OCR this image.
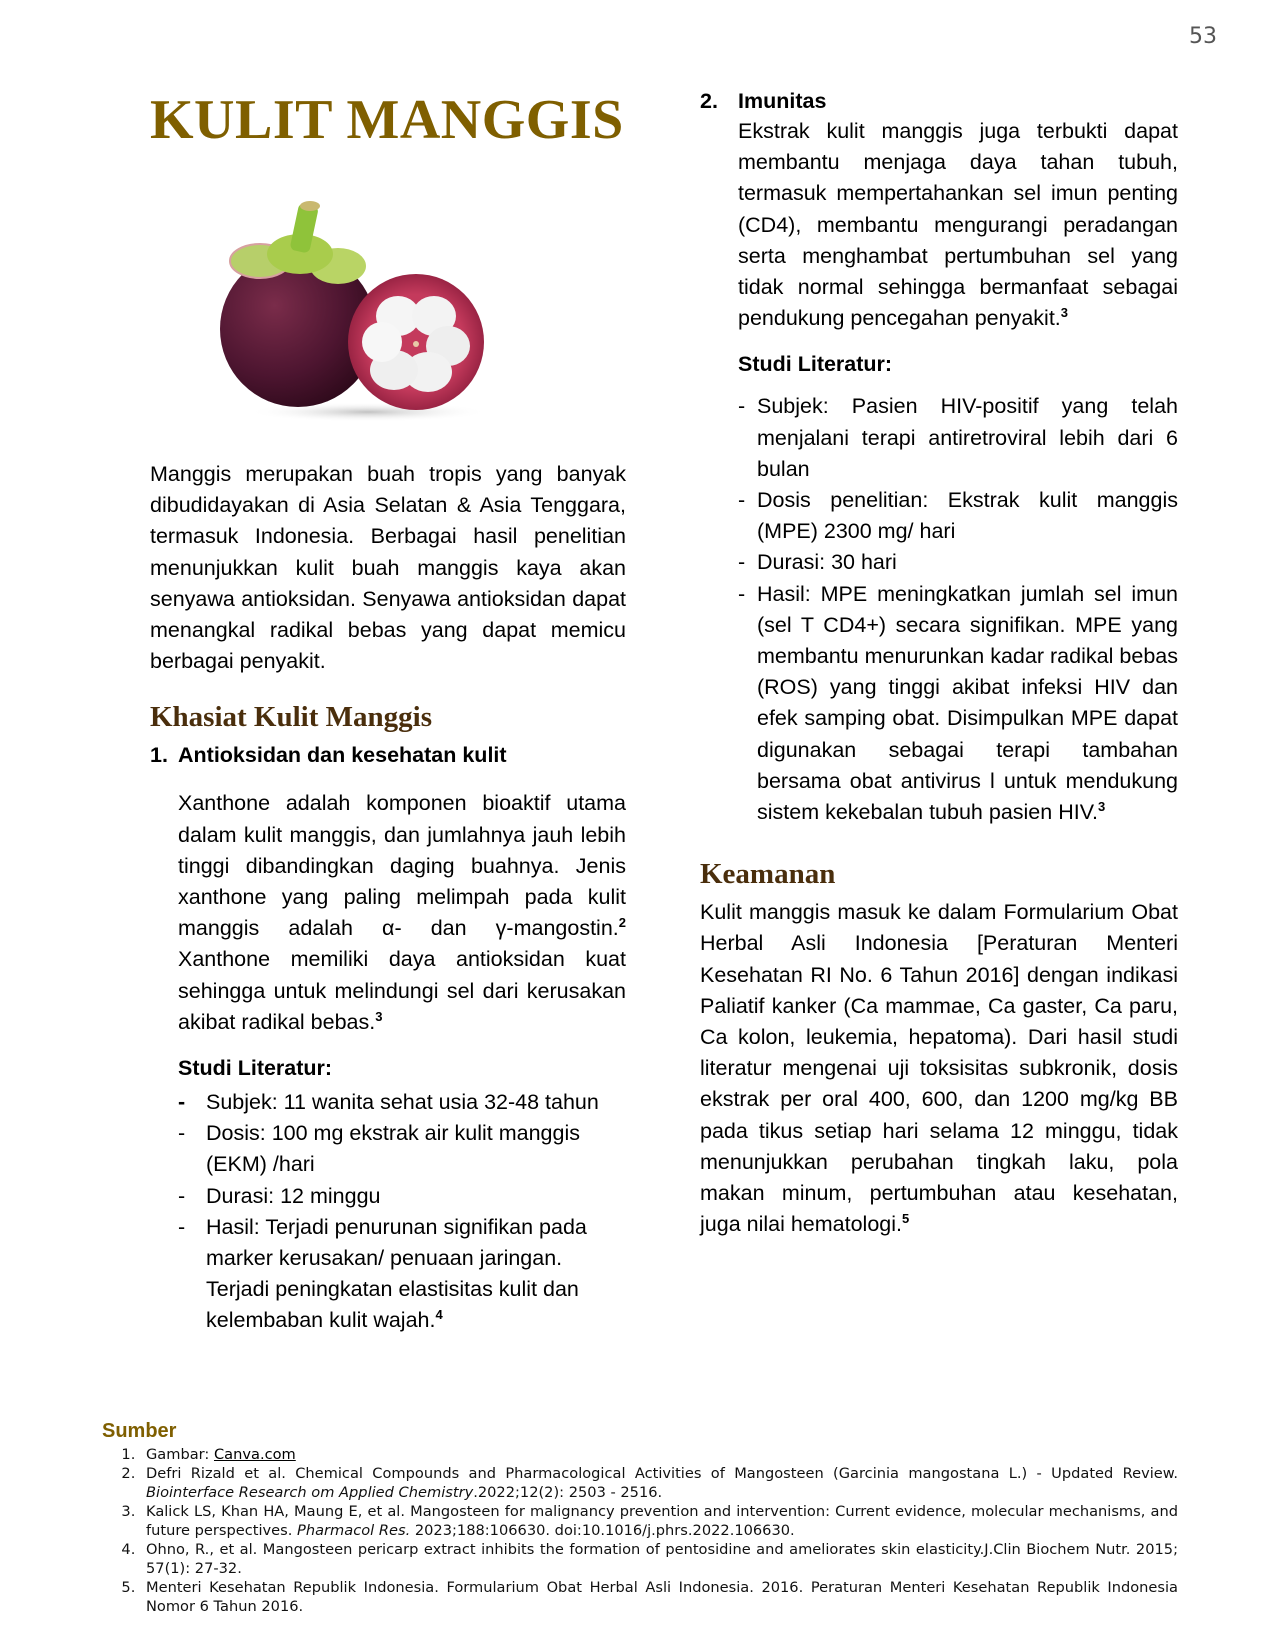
53
KULIT MANGGIS

Manggis merupakan buah tropis yang banyak dibudidayakan di Asia Selatan & Asia Tenggara, termasuk Indonesia. Berbagai hasil penelitian menunjukkan kulit buah manggis kaya akan senyawa antioksidan. Senyawa antioksidan dapat menangkal radikal bebas yang dapat memicu berbagai penyakit.

Khasiat Kulit Manggis
1. Antioksidan dan kesehatan kulit

Xanthone adalah komponen bioaktif utama dalam kulit manggis, dan jumlahnya jauh lebih tinggi dibandingkan daging buahnya. Jenis xanthone yang paling melimpah pada kulit manggis adalah α- dan γ-mangostin.$^2$ Xanthone memiliki daya antioksidan kuat sehingga untuk melindungi sel dari kerusakan akibat radikal bebas.$^3$

Studi Literatur:
- Subjek: 11 wanita sehat usia 32-48 tahun
- Dosis: 100 mg ekstrak air kulit manggis (EKM) /hari
- Durasi: 12 minggu
- Hasil: Terjadi penurunan signifikan pada marker kerusakan/ penuaan jaringan. Terjadi peningkatan elastisitas kulit dan kelembaban kulit wajah.$^4$
2. Imunitas

Ekstrak kulit manggis juga terbukti dapat membantu menjaga daya tahan tubuh, termasuk mempertahankan sel imun penting (CD4), membantu mengurangi peradangan serta menghambat pertumbuhan sel yang tidak normal sehingga bermanfaat sebagai pendukung pencegahan penyakit.$^3$

Studi Literatur:
- Subjek: Pasien HIV-positif yang telah menjalani terapi antiretroviral lebih dari 6 bulan
- Dosis penelitian: Ekstrak kulit manggis (MPE) 2300 mg/ hari
- Durasi: 30 hari
- Hasil: MPE meningkatkan jumlah sel imun (sel T CD4+) secara signifikan. MPE yang membantu menurunkan kadar radikal bebas (ROS) yang tinggi akibat infeksi HIV dan efek samping obat. Disimpulkan MPE dapat digunakan sebagai terapi tambahan bersama obat antivirus l untuk mendukung sistem kekebalan tubuh pasien HIV.$^3$
Keamanan

Kulit manggis masuk ke dalam Formularium Obat Herbal Asli Indonesia [Peraturan Menteri Kesehatan RI No. 6 Tahun 2016] dengan indikasi Paliatif kanker (Ca mammae, Ca gaster, Ca paru, Ca kolon, leukemia, hepatoma). Dari hasil studi literatur mengenai uji toksisitas subkronik, dosis ekstrak per oral 400, 600, dan 1200 mg/kg BB pada tikus setiap hari selama 12 minggu, tidak menunjukkan perubahan tingkah laku, pola makan minum, pertumbuhan atau kesehatan, juga nilai hematologi.$^5$

Sumber
1. Gambar: Canva.com
2. Defri Rizald et al. Chemical Compounds and Pharmacological Activities of Mangosteen (Garcinia mangostana L.) - Updated Review. Biointerface Research om Applied Chemistry.2022;12(2): 2503 - 2516.
3. Kalick LS, Khan HA, Maung E, et al. Mangosteen for malignancy prevention and intervention: Current evidence, molecular mechanisms, and future perspectives. Pharmacol Res. 2023;188:106630. doi:10.1016/j.phrs.2022.106630.
4. Ohno, R., et al. Mangosteen pericarp extract inhibits the formation of pentosidine and ameliorates skin elasticity.J.Clin Biochem Nutr. 2015; 57(1): 27-32.
5. Menteri Kesehatan Republik Indonesia. Formularium Obat Herbal Asli Indonesia. 2016. Peraturan Menteri Kesehatan Republik Indonesia Nomor 6 Tahun 2016.
